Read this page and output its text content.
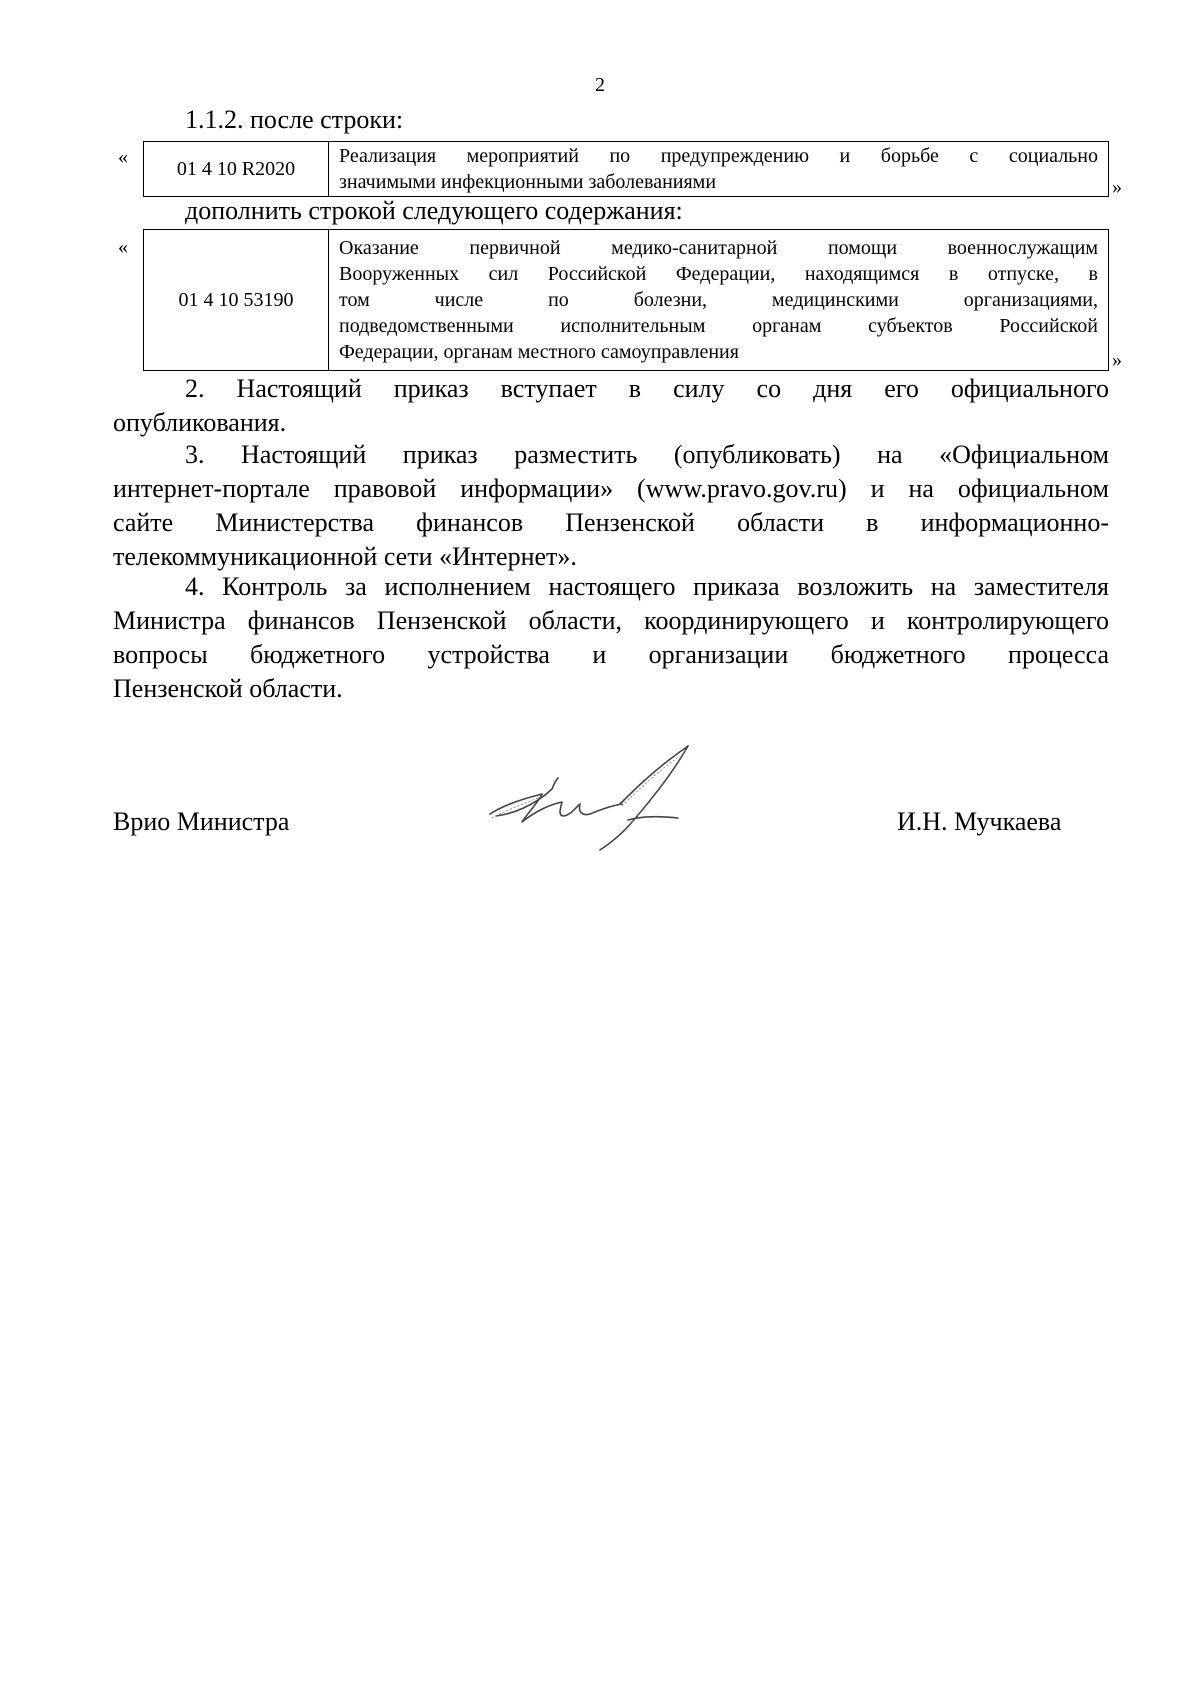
2
1.1.2. после строки:
«
01 4 10 R2020	
Реализация мероприятий по предупреждению и борьбе с социально
значимыми инфекционными заболеваниями	»
дополнить строкой следующего содержания:
«
01 4 10 53190	
Оказание первичной медико-санитарной помощи военнослужащим
Вооруженных сил Российской Федерации, находящимся в отпуске, в
том числе по болезни, медицинскими организациями,
подведомственными исполнительным органам субъектов Российской
Федерации, органам местного самоуправления	»
2. Настоящий приказ вступает в силу со дня его официального
опубликования.
3. Настоящий приказ разместить (опубликовать) на «Официальном
интернет-портале правовой информации» (www.pravo.gov.ru) и на официальном
сайте Министерства финансов Пензенской области в информационно-
телекоммуникационной сети «Интернет».
4. Контроль за исполнением настоящего приказа возложить на заместителя
Министра финансов Пензенской области, координирующего и контролирующего
вопросы бюджетного устройства и организации бюджетного процесса
Пензенской области.
Врио Министра	И.Н. Мучкаева
